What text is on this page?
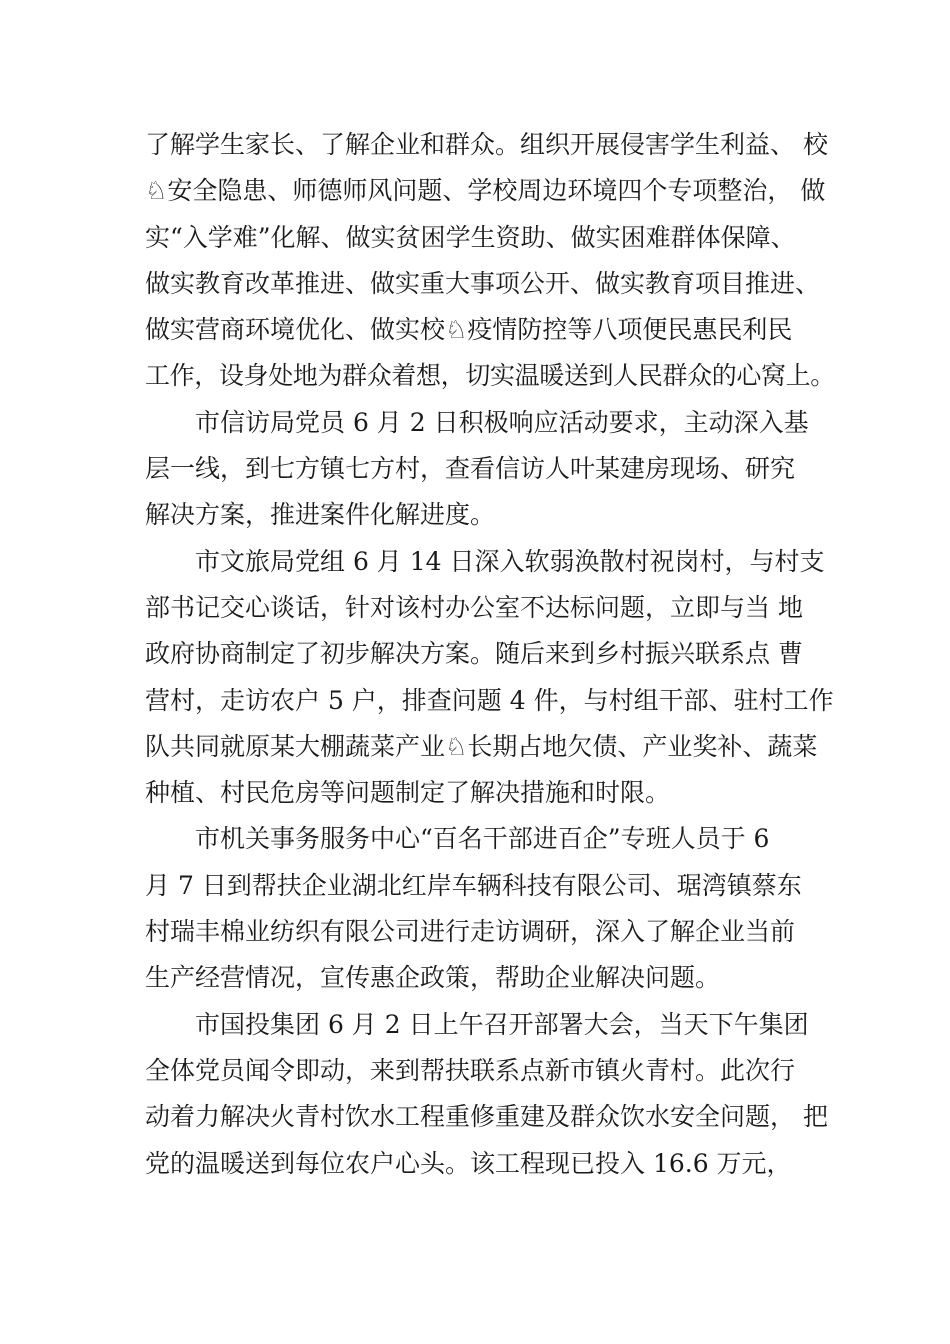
了解学生家长、了解企业和群众。组织开展侵害学生利益、 校
♘安全隐患、师德师风问题、学校周边环境四个专项整治， 做
实“入学难”化解、做实贫困学生资助、做实困难群体保障、
做实教育改革推进、做实重大事项公开、做实教育项目推进、
做实营商环境优化、做实校♘疫情防控等八项便民惠民利民
工作，设身处地为群众着想，切实温暖送到人民群众的心窝上。
市信访局党员 6 月 2 日积极响应活动要求，主动深入基
层一线，到七方镇七方村，查看信访人叶某建房现场、研究
解决方案，推进案件化解进度。
市文旅局党组 6 月 14 日深入软弱涣散村祝岗村，与村支
部书记交心谈话，针对该村办公室不达标问题，立即与当 地
政府协商制定了初步解决方案。随后来到乡村振兴联系点 曹
营村，走访农户 5 户，排查问题 4 件，与村组干部、驻村工作
队共同就原某大棚蔬菜产业♘长期占地欠债、产业奖补、蔬菜
种植、村民危房等问题制定了解决措施和时限。
市机关事务服务中心“百名干部进百企”专班人员于 6
月 7 日到帮扶企业湖北红岸车辆科技有限公司、琚湾镇蔡东
村瑞丰棉业纺织有限公司进行走访调研，深入了解企业当前
生产经营情况，宣传惠企政策，帮助企业解决问题。
市国投集团 6 月 2 日上午召开部署大会，当天下午集团
全体党员闻令即动，来到帮扶联系点新市镇火青村。此次行
动着力解决火青村饮水工程重修重建及群众饮水安全问题， 把
党的温暖送到每位农户心头。该工程现已投入 16.6 万元，
